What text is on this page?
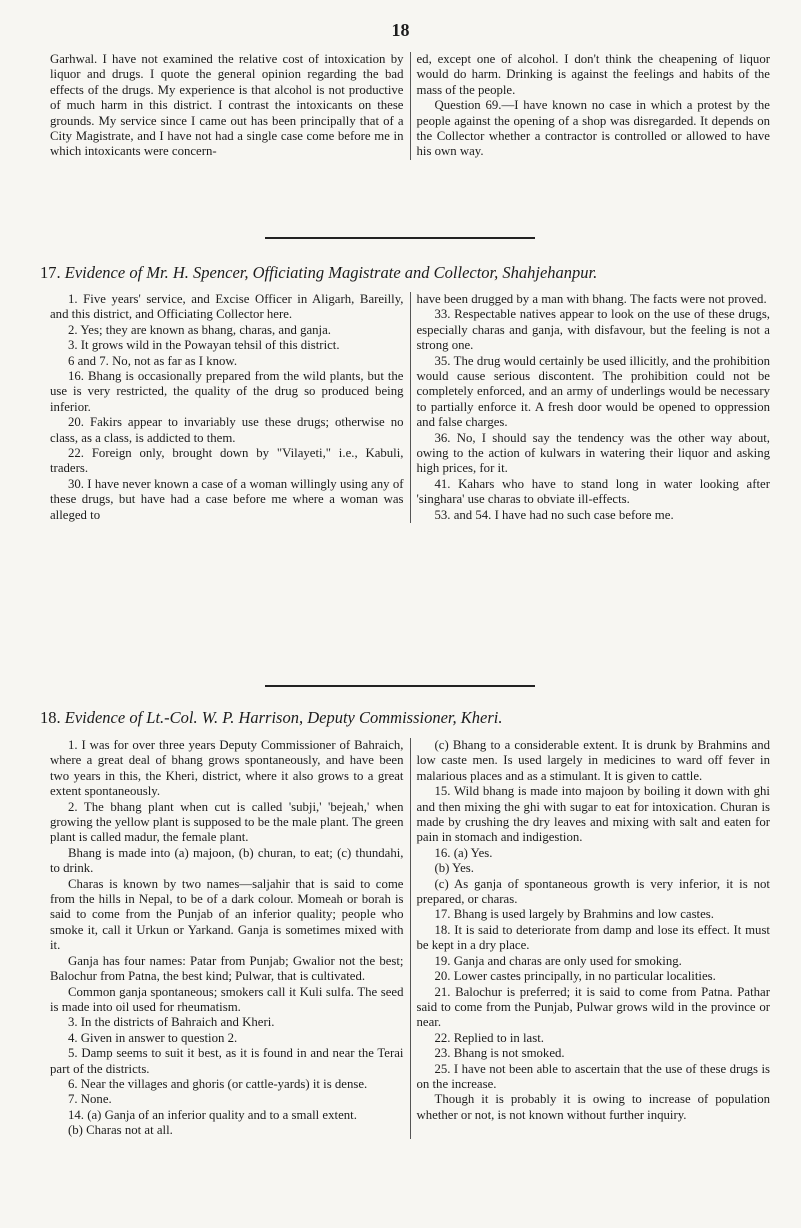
18

Garhwal. I have not examined the relative cost of intoxication by liquor and drugs. I quote the general opinion regarding the bad effects of the drugs. My experience is that alcohol is not productive of much harm in this district. I contrast the intoxicants on these grounds. My service since I came out has been principally that of a City Magistrate, and I have not had a single case come before me in which intoxicants were concern-

ed, except one of alcohol. I don't think the cheapening of liquor would do harm. Drinking is against the feelings and habits of the mass of the people.

Question 69.—I have known no case in which a protest by the people against the opening of a shop was disregarded. It depends on the Collector whether a contractor is controlled or allowed to have his own way.

17. Evidence of Mr. H. Spencer, Officiating Magistrate and Collector, Shahjehanpur.

1. Five years' service, and Excise Officer in Aligarh, Bareilly, and this district, and Officiating Collector here.

2. Yes; they are known as bhang, charas, and ganja.

3. It grows wild in the Powayan tehsil of this district.

6 and 7. No, not as far as I know.

16. Bhang is occasionally prepared from the wild plants, but the use is very restricted, the quality of the drug so produced being inferior.

20. Fakirs appear to invariably use these drugs; otherwise no class, as a class, is addicted to them.

22. Foreign only, brought down by "Vilayeti," i.e., Kabuli, traders.

30. I have never known a case of a woman willingly using any of these drugs, but have had a case before me where a woman was alleged to

have been drugged by a man with bhang. The facts were not proved.

33. Respectable natives appear to look on the use of these drugs, especially charas and ganja, with disfavour, but the feeling is not a strong one.

35. The drug would certainly be used illicitly, and the prohibition would cause serious discontent. The prohibition could not be completely enforced, and an army of underlings would be necessary to partially enforce it. A fresh door would be opened to oppression and false charges.

36. No, I should say the tendency was the other way about, owing to the action of kulwars in watering their liquor and asking high prices, for it.

41. Kahars who have to stand long in water looking after 'singhara' use charas to obviate ill-effects.

53. and 54. I have had no such case before me.

18. Evidence of Lt.-Col. W. P. Harrison, Deputy Commissioner, Kheri.

1. I was for over three years Deputy Commissioner of Bahraich, where a great deal of bhang grows spontaneously, and have been two years in this, the Kheri, district, where it also grows to a great extent spontaneously.

2. The bhang plant when cut is called 'subji,' 'bejeah,' when growing the yellow plant is supposed to be the male plant. The green plant is called madur, the female plant.

Bhang is made into (a) majoon, (b) churan, to eat; (c) thundahi, to drink.

Charas is known by two names—saljahir that is said to come from the hills in Nepal, to be of a dark colour. Momeah or borah is said to come from the Punjab of an inferior quality; people who smoke it, call it Urkun or Yarkand. Ganja is sometimes mixed with it.

Ganja has four names: Patar from Punjab; Gwalior not the best; Balochur from Patna, the best kind; Pulwar, that is cultivated.

Common ganja spontaneous; smokers call it Kuli sulfa. The seed is made into oil used for rheumatism.

3. In the districts of Bahraich and Kheri.

4. Given in answer to question 2.

5. Damp seems to suit it best, as it is found in and near the Terai part of the districts.

6. Near the villages and ghoris (or cattle-yards) it is dense.

7. None.

14. (a) Ganja of an inferior quality and to a small extent.

(b) Charas not at all.

(c) Bhang to a considerable extent. It is drunk by Brahmins and low caste men. Is used largely in medicines to ward off fever in malarious places and as a stimulant. It is given to cattle.

15. Wild bhang is made into majoon by boiling it down with ghi and then mixing the ghi with sugar to eat for intoxication. Churan is made by crushing the dry leaves and mixing with salt and eaten for pain in stomach and indigestion.

16. (a) Yes.

(b) Yes.

(c) As ganja of spontaneous growth is very inferior, it is not prepared, or charas.

17. Bhang is used largely by Brahmins and low castes.

18. It is said to deteriorate from damp and lose its effect. It must be kept in a dry place.

19. Ganja and charas are only used for smoking.

20. Lower castes principally, in no particular localities.

21. Balochur is preferred; it is said to come from Patna. Pathar said to come from the Punjab, Pulwar grows wild in the province or near.

22. Replied to in last.

23. Bhang is not smoked.

25. I have not been able to ascertain that the use of these drugs is on the increase.

Though it is probably it is owing to increase of population whether or not, is not known without further inquiry.
